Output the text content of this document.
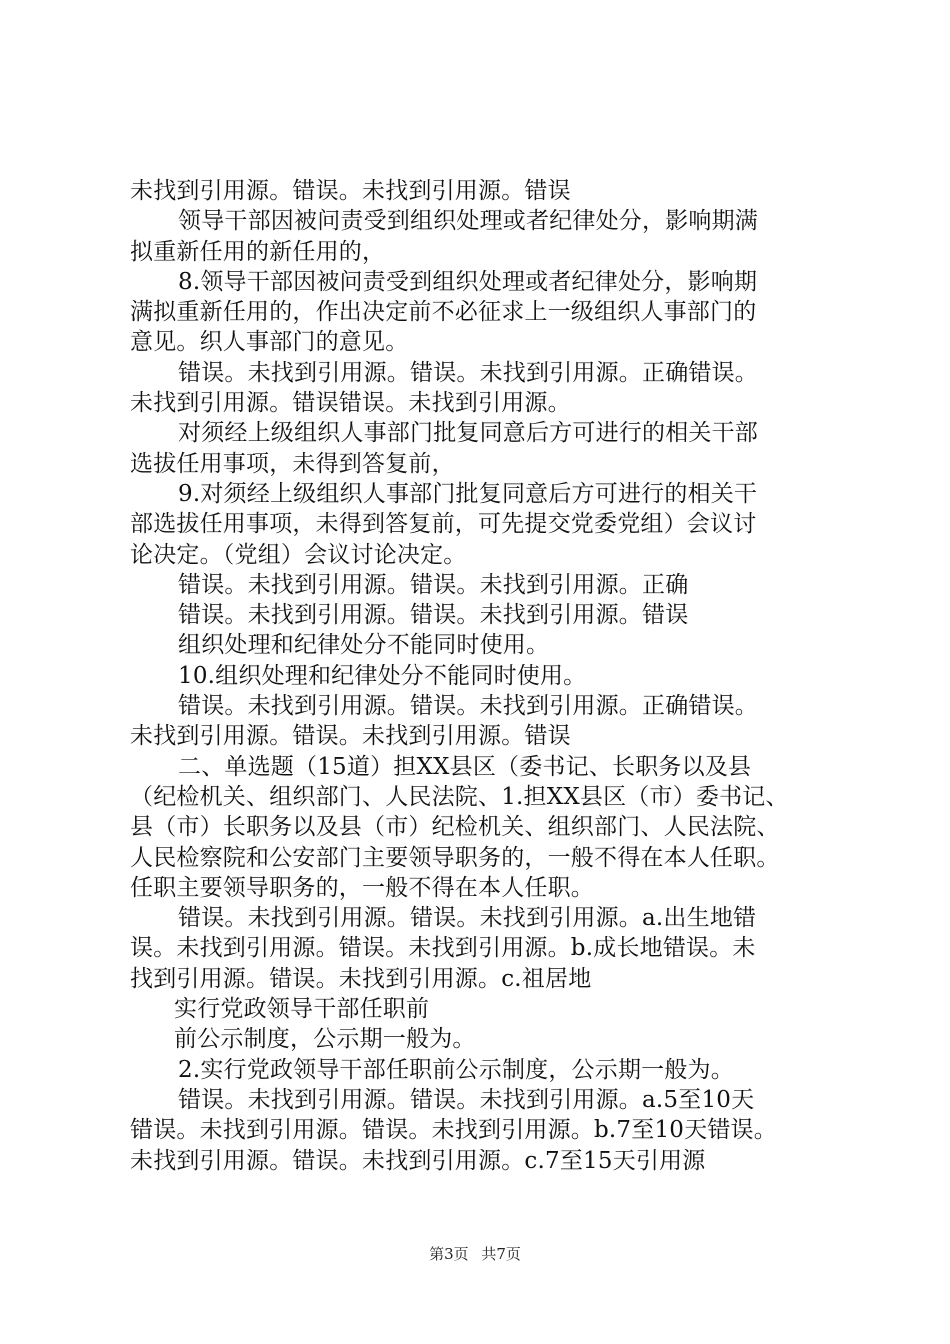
未找到引用源。错误。未找到引用源。错误
领导干部因被问责受到组织处理或者纪律处分，影响期满
拟重新任用的新任用的，
8.领导干部因被问责受到组织处理或者纪律处分，影响期
满拟重新任用的，作出决定前不必征求上一级组织人事部门的
意见。织人事部门的意见。
错误。未找到引用源。错误。未找到引用源。正确错误。
未找到引用源。错误错误。未找到引用源。
对须经上级组织人事部门批复同意后方可进行的相关干部
选拔任用事项，未得到答复前，
9.对须经上级组织人事部门批复同意后方可进行的相关干
部选拔任用事项，未得到答复前，可先提交党委党组）会议讨
论决定。（党组）会议讨论决定。
错误。未找到引用源。错误。未找到引用源。正确
错误。未找到引用源。错误。未找到引用源。错误
组织处理和纪律处分不能同时使用。
10.组织处理和纪律处分不能同时使用。
错误。未找到引用源。错误。未找到引用源。正确错误。
未找到引用源。错误。未找到引用源。错误
二、单选题（15道）担XX县区（委书记、长职务以及县
（纪检机关、组织部门、人民法院、1.担XX县区（市）委书记、
县（市）长职务以及县（市）纪检机关、组织部门、人民法院、
人民检察院和公安部门主要领导职务的，一般不得在本人任职。
任职主要领导职务的，一般不得在本人任职。
错误。未找到引用源。错误。未找到引用源。a.出生地错
误。未找到引用源。错误。未找到引用源。b.成长地错误。未
找到引用源。错误。未找到引用源。c.祖居地
实行党政领导干部任职前
前公示制度，公示期一般为。
2.实行党政领导干部任职前公示制度，公示期一般为。
错误。未找到引用源。错误。未找到引用源。a.5至10天
错误。未找到引用源。错误。未找到引用源。b.7至10天错误。
未找到引用源。错误。未找到引用源。c.7至15天引用源
第3页 共7页
